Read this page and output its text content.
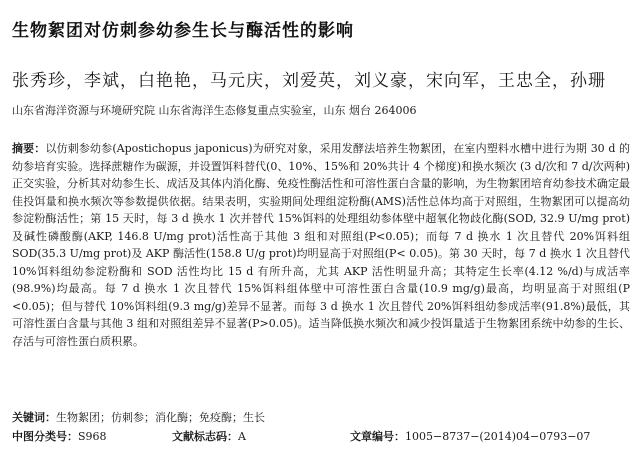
生物絮团对仿刺参幼参生长与酶活性的影响
张秀珍，李斌，白艳艳，马元庆，刘爱英，刘义豪，宋向军，王忠全，孙珊
山东省海洋资源与环境研究院 山东省海洋生态修复重点实验室，山东 烟台 264006

摘要：以仿刺参幼参(Apostichopus japonicus)为研究对象，采用发酵法培养生物絮团，在室内塑料水槽中进行为期 30 d 的幼参培育实验。选择蔗糖作为碳源，并设置饵料替代(0、10%、15%和 20%共计 4 个梯度)和换水频次 (3 d/次和 7 d/次两种)正交实验，分析其对幼参生长、成活及其体内消化酶、免疫性酶活性和可溶性蛋白含量的影响，为生物絮团培育幼参技术确定最佳投饵量和换水频次等参数提供依据。结果表明，实验期间处理组淀粉酶(AMS)活性总体均高于对照组，生物絮团可以提高幼参淀粉酶活性；第 15 天时，每 3 d 换水 1 次并替代 15%饵料的处理组幼参体壁中超氧化物歧化酶(SOD, 32.9 U/mg prot)及碱性磷酸酶(AKP, 146.8 U/mg prot)活性高于其他 3 组和对照组(P<0.05)；而每 7 d 换水 1 次且替代 20%饵料组 SOD(35.3 U/mg prot)及 AKP 酶活性(158.8 U/g prot)均明显高于对照组(P< 0.05)。第 30 天时，每 7 d 换水 1 次且替代 10%饵料组幼参淀粉酶和 SOD 活性均比 15 d 有所升高，尤其 AKP 活性明显升高；其特定生长率(4.12 %/d)与成活率(98.9%)均最高。每 7 d 换水 1 次且替代 15%饵料组体壁中可溶性蛋白含量(10.9 mg/g)最高，均明显高于对照组(P <0.05)；但与替代 10%饵料组(9.3 mg/g)差异不显著。而每 3 d 换水 1 次且替代 20%饵料组幼参成活率(91.8%)最低，其可溶性蛋白含量与其他 3 组和对照组差异不显著(P>0.05)。适当降低换水频次和减少投饵量适于生物絮团系统中幼参的生长、存活与可溶性蛋白质积累。

关键词：生物絮团；仿刺参；消化酶；免疫酶；生长
中图分类号：S968	文献标志码：A	文章编号：1005−8737−(2014)04−0793−07
